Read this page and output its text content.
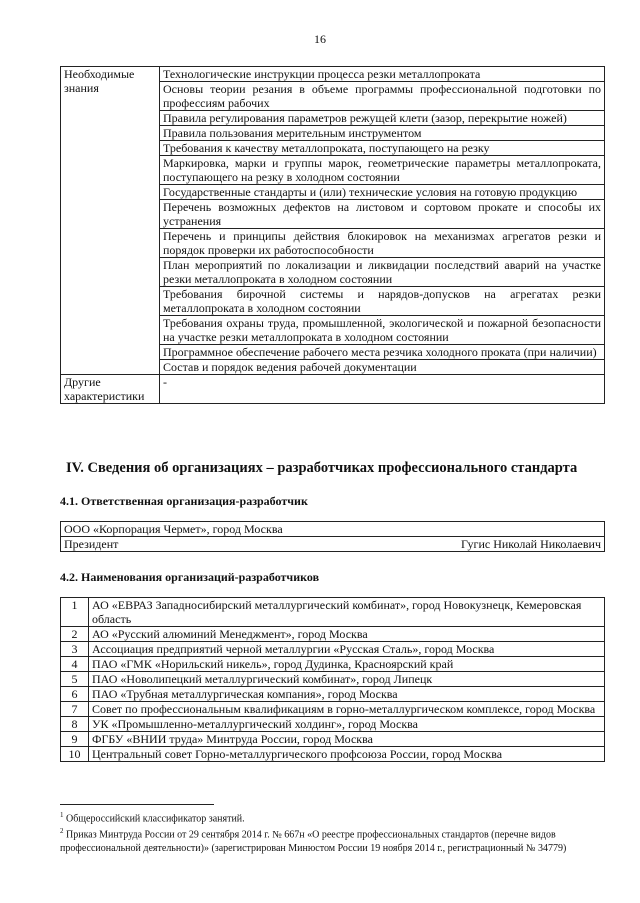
16
Необходимые знания	Технологические инструкции процесса резки металлопроката
	Основы теории резания в объеме программы профессиональной подготовки по профессиям рабочих
	Правила регулирования параметров режущей клети (зазор, перекрытие ножей)
	Правила пользования мерительным инструментом
	Требования к качеству металлопроката, поступающего на резку
	Маркировка, марки и группы марок, геометрические параметры металлопроката, поступающего на резку в холодном состоянии
	Государственные стандарты и (или) технические условия на готовую продукцию
	Перечень возможных дефектов на листовом и сортовом прокате и способы их устранения
	Перечень и принципы действия блокировок на механизмах агрегатов резки и порядок проверки их работоспособности
	План мероприятий по локализации и ликвидации последствий аварий на участке резки металлопроката в холодном состоянии
	Требования бирочной системы и нарядов-допусков на агрегатах резки металлопроката в холодном состоянии
	Требования охраны труда, промышленной, экологической и пожарной безопасности на участке резки металлопроката в холодном состоянии
	Программное обеспечение рабочего места резчика холодного проката (при наличии)
	Состав и порядок ведения рабочей документации
Другие характеристики	-
IV. Сведения об организациях – разработчиках профессионального стандарта
4.1. Ответственная организация-разработчик
ООО «Корпорация Чермет», город Москва

Президент	Гугис Николай Николаевич
4.2. Наименования организаций-разработчиков
1	АО «ЕВРАЗ Западносибирский металлургический комбинат», город Новокузнецк, Кемеровская область
2	АО «Русский алюминий Менеджмент», город Москва
3	Ассоциация предприятий черной металлургии «Русская Сталь», город Москва
4	ПАО «ГМК «Норильский никель», город Дудинка, Красноярский край
5	ПАО «Новолипецкий металлургический комбинат», город Липецк
6	ПАО «Трубная металлургическая компания», город Москва
7	Совет по профессиональным квалификациям в горно-металлургическом комплексе, город Москва
8	УК «Промышленно-металлургический холдинг», город Москва
9	ФГБУ «ВНИИ труда» Минтруда России, город Москва
10	Центральный совет Горно-металлургического профсоюза России, город Москва

$^1$ Общероссийский классификатор занятий.

$^2$ Приказ Минтруда России от 29 сентября 2014 г. № 667н «О реестре профессиональных стандартов (перечне видов профессиональной деятельности)» (зарегистрирован Минюстом России 19 ноября 2014 г., регистрационный № 34779)
